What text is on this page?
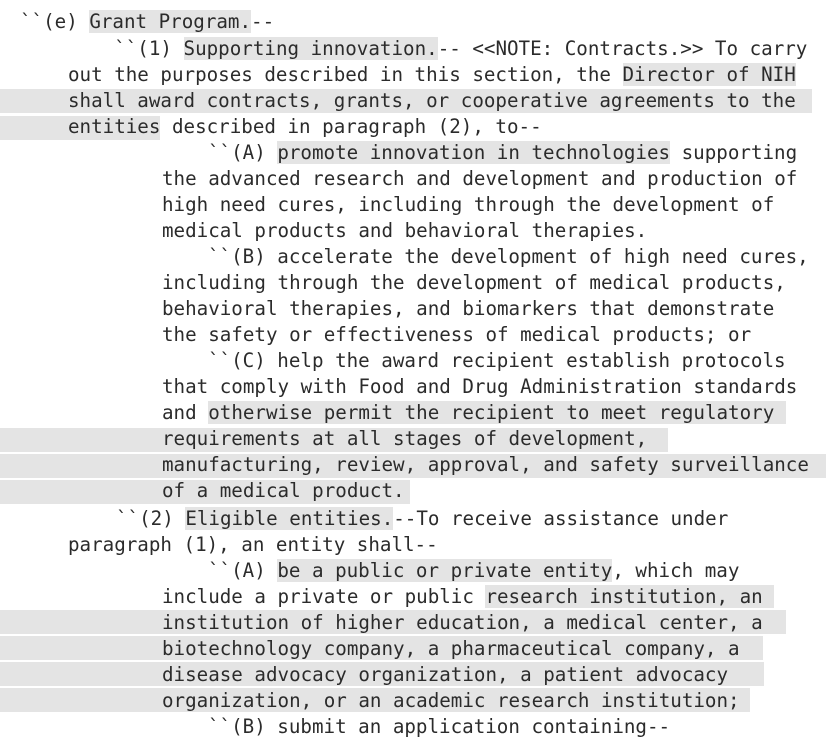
``(e) Grant Program.--
``(1) Supporting innovation.-- <<NOTE: Contracts.>> To carry
out the purposes described in this section, the Director of NIH
shall award contracts, grants, or cooperative agreements to the
entities described in paragraph (2), to--
``(A) promote innovation in technologies supporting
the advanced research and development and production of
high need cures, including through the development of
medical products and behavioral therapies.
``(B) accelerate the development of high need cures,
including through the development of medical products,
behavioral therapies, and biomarkers that demonstrate
the safety or effectiveness of medical products; or
``(C) help the award recipient establish protocols
that comply with Food and Drug Administration standards
and otherwise permit the recipient to meet regulatory
requirements at all stages of development,
manufacturing, review, approval, and safety surveillance
of a medical product.
``(2) Eligible entities.--To receive assistance under
paragraph (1), an entity shall--
``(A) be a public or private entity, which may
include a private or public research institution, an
institution of higher education, a medical center, a
biotechnology company, a pharmaceutical company, a
disease advocacy organization, a patient advocacy
organization, or an academic research institution;
``(B) submit an application containing--
